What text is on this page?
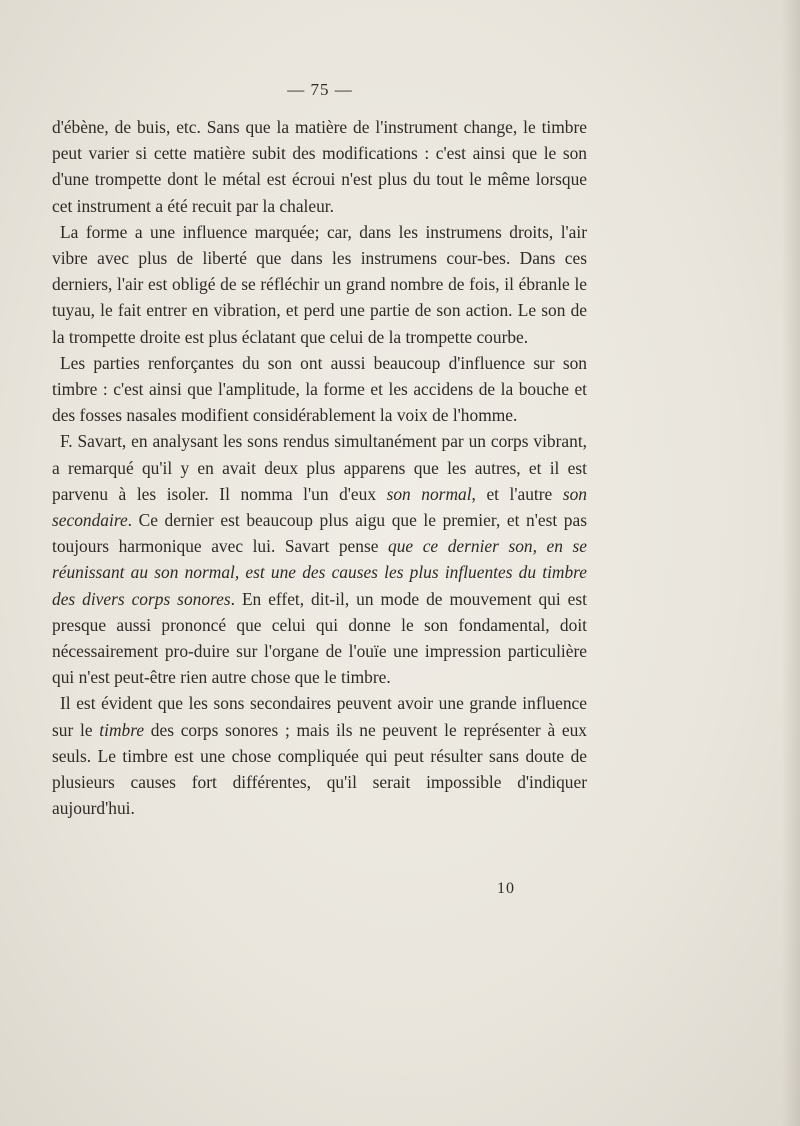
— 75 —

d'ébène, de buis, etc. Sans que la matière de l'instrument change, le timbre peut varier si cette matière subit des modifications : c'est ainsi que le son d'une trompette dont le métal est écroui n'est plus du tout le même lorsque cet instrument a été recuit par la chaleur.

La forme a une influence marquée; car, dans les instrumens droits, l'air vibre avec plus de liberté que dans les instrumens cour-bes. Dans ces derniers, l'air est obligé de se réfléchir un grand nombre de fois, il ébranle le tuyau, le fait entrer en vibration, et perd une partie de son action. Le son de la trompette droite est plus éclatant que celui de la trompette courbe.

Les parties renforçantes du son ont aussi beaucoup d'influence sur son timbre : c'est ainsi que l'amplitude, la forme et les accidens de la bouche et des fosses nasales modifient considérablement la voix de l'homme.

F. Savart, en analysant les sons rendus simultanément par un corps vibrant, a remarqué qu'il y en avait deux plus apparens que les autres, et il est parvenu à les isoler. Il nomma l'un d'eux son normal, et l'autre son secondaire. Ce dernier est beaucoup plus aigu que le premier, et n'est pas toujours harmonique avec lui. Savart pense que ce dernier son, en se réunissant au son normal, est une des causes les plus influentes du timbre des divers corps sonores. En effet, dit-il, un mode de mouvement qui est presque aussi prononcé que celui qui donne le son fondamental, doit nécessairement pro-duire sur l'organe de l'ouïe une impression particulière qui n'est peut-être rien autre chose que le timbre.

Il est évident que les sons secondaires peuvent avoir une grande influence sur le timbre des corps sonores ; mais ils ne peuvent le représenter à eux seuls. Le timbre est une chose compliquée qui peut résulter sans doute de plusieurs causes fort différentes, qu'il serait impossible d'indiquer aujourd'hui.

10
